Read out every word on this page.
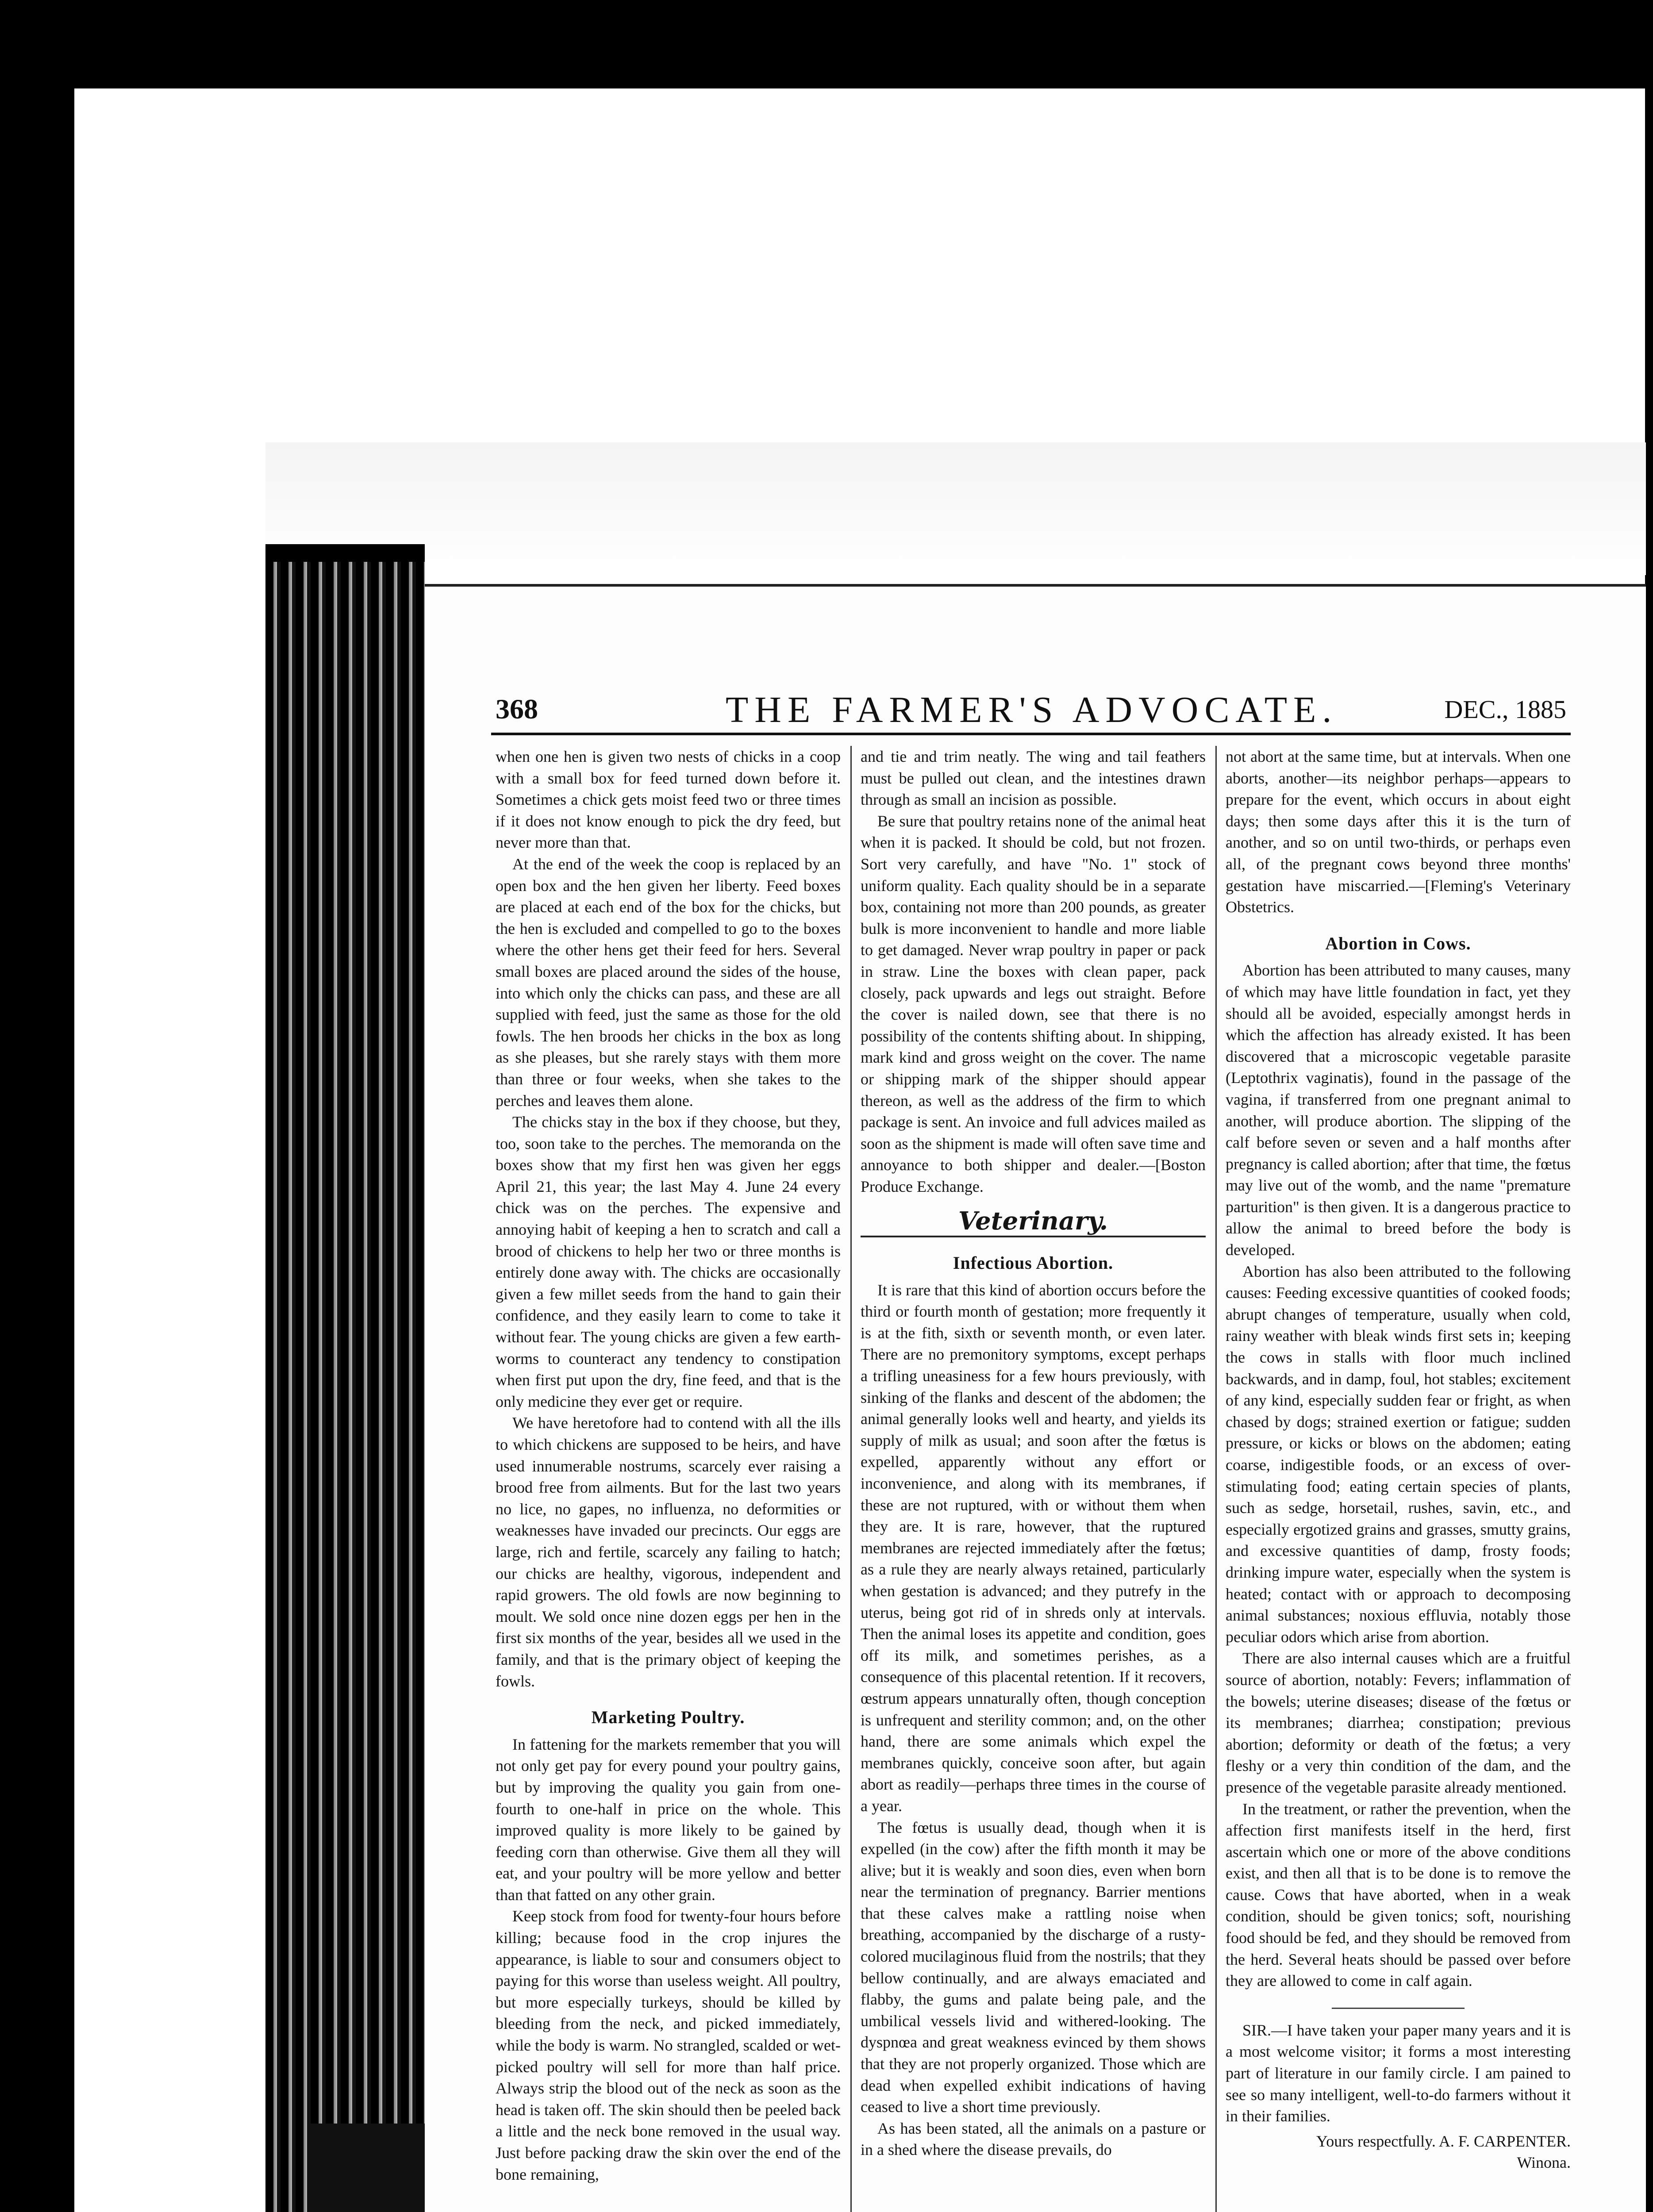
368	THE FARMER'S ADVOCATE.	DEC., 1885

when one hen is given two nests of chicks in a coop with a small box for feed turned down before it. Sometimes a chick gets moist feed two or three times if it does not know enough to pick the dry feed, but never more than that.

At the end of the week the coop is replaced by an open box and the hen given her liberty. Feed boxes are placed at each end of the box for the chicks, but the hen is excluded and compelled to go to the boxes where the other hens get their feed for hers. Several small boxes are placed around the sides of the house, into which only the chicks can pass, and these are all supplied with feed, just the same as those for the old fowls. The hen broods her chicks in the box as long as she pleases, but she rarely stays with them more than three or four weeks, when she takes to the perches and leaves them alone.

The chicks stay in the box if they choose, but they, too, soon take to the perches. The memoranda on the boxes show that my first hen was given her eggs April 21, this year; the last May 4. June 24 every chick was on the perches. The expensive and annoying habit of keeping a hen to scratch and call a brood of chickens to help her two or three months is entirely done away with. The chicks are occasionally given a few millet seeds from the hand to gain their confidence, and they easily learn to come to take it without fear. The young chicks are given a few earth-worms to counteract any tendency to constipation when first put upon the dry, fine feed, and that is the only medicine they ever get or require.

We have heretofore had to contend with all the ills to which chickens are supposed to be heirs, and have used innumerable nostrums, scarcely ever raising a brood free from ailments. But for the last two years no lice, no gapes, no influenza, no deformities or weaknesses have invaded our precincts. Our eggs are large, rich and fertile, scarcely any failing to hatch; our chicks are healthy, vigorous, independent and rapid growers. The old fowls are now beginning to moult. We sold once nine dozen eggs per hen in the first six months of the year, besides all we used in the family, and that is the primary object of keeping the fowls.

Marketing Poultry.

In fattening for the markets remember that you will not only get pay for every pound your poultry gains, but by improving the quality you gain from one-fourth to one-half in price on the whole. This improved quality is more likely to be gained by feeding corn than otherwise. Give them all they will eat, and your poultry will be more yellow and better than that fatted on any other grain.

Keep stock from food for twenty-four hours before killing; because food in the crop injures the appearance, is liable to sour and consumers object to paying for this worse than useless weight. All poultry, but more especially turkeys, should be killed by bleeding from the neck, and picked immediately, while the body is warm. No strangled, scalded or wet-picked poultry will sell for more than half price. Always strip the blood out of the neck as soon as the head is taken off. The skin should then be peeled back a little and the neck bone removed in the usual way. Just before packing draw the skin over the end of the bone remaining,

and tie and trim neatly. The wing and tail feathers must be pulled out clean, and the intestines drawn through as small an incision as possible.

Be sure that poultry retains none of the animal heat when it is packed. It should be cold, but not frozen. Sort very carefully, and have "No. 1" stock of uniform quality. Each quality should be in a separate box, containing not more than 200 pounds, as greater bulk is more inconvenient to handle and more liable to get damaged. Never wrap poultry in paper or pack in straw. Line the boxes with clean paper, pack closely, pack upwards and legs out straight. Before the cover is nailed down, see that there is no possibility of the contents shifting about. In shipping, mark kind and gross weight on the cover. The name or shipping mark of the shipper should appear thereon, as well as the address of the firm to which package is sent. An invoice and full advices mailed as soon as the shipment is made will often save time and annoyance to both shipper and dealer.—[Boston Produce Exchange.

Veterinary.
Infectious Abortion.

It is rare that this kind of abortion occurs before the third or fourth month of gestation; more frequently it is at the fith, sixth or seventh month, or even later. There are no premonitory symptoms, except perhaps a trifling uneasiness for a few hours previously, with sinking of the flanks and descent of the abdomen; the animal generally looks well and hearty, and yields its supply of milk as usual; and soon after the fœtus is expelled, apparently without any effort or inconvenience, and along with its membranes, if these are not ruptured, with or without them when they are. It is rare, however, that the ruptured membranes are rejected immediately after the fœtus; as a rule they are nearly always retained, particularly when gestation is advanced; and they putrefy in the uterus, being got rid of in shreds only at intervals. Then the animal loses its appetite and condition, goes off its milk, and sometimes perishes, as a consequence of this placental retention. If it recovers, œstrum appears unnaturally often, though conception is unfrequent and sterility common; and, on the other hand, there are some animals which expel the membranes quickly, conceive soon after, but again abort as readily—perhaps three times in the course of a year.

The fœtus is usually dead, though when it is expelled (in the cow) after the fifth month it may be alive; but it is weakly and soon dies, even when born near the termination of pregnancy. Barrier mentions that these calves make a rattling noise when breathing, accompanied by the discharge of a rusty-colored mucilaginous fluid from the nostrils; that they bellow continually, and are always emaciated and flabby, the gums and palate being pale, and the umbilical vessels livid and withered-looking. The dyspnœa and great weakness evinced by them shows that they are not properly organized. Those which are dead when expelled exhibit indications of having ceased to live a short time previously.

As has been stated, all the animals on a pasture or in a shed where the disease prevails, do

not abort at the same time, but at intervals. When one aborts, another—its neighbor perhaps—appears to prepare for the event, which occurs in about eight days; then some days after this it is the turn of another, and so on until two-thirds, or perhaps even all, of the pregnant cows beyond three months' gestation have miscarried.—[Fleming's Veterinary Obstetrics.

Abortion in Cows.

Abortion has been attributed to many causes, many of which may have little foundation in fact, yet they should all be avoided, especially amongst herds in which the affection has already existed. It has been discovered that a microscopic vegetable parasite (Leptothrix vaginatis), found in the passage of the vagina, if transferred from one pregnant animal to another, will produce abortion. The slipping of the calf before seven or seven and a half months after pregnancy is called abortion; after that time, the fœtus may live out of the womb, and the name "premature parturition" is then given. It is a dangerous practice to allow the animal to breed before the body is developed.

Abortion has also been attributed to the following causes: Feeding excessive quantities of cooked foods; abrupt changes of temperature, usually when cold, rainy weather with bleak winds first sets in; keeping the cows in stalls with floor much inclined backwards, and in damp, foul, hot stables; excitement of any kind, especially sudden fear or fright, as when chased by dogs; strained exertion or fatigue; sudden pressure, or kicks or blows on the abdomen; eating coarse, indigestible foods, or an excess of over-stimulating food; eating certain species of plants, such as sedge, horsetail, rushes, savin, etc., and especially ergotized grains and grasses, smutty grains, and excessive quantities of damp, frosty foods; drinking impure water, especially when the system is heated; contact with or approach to decomposing animal substances; noxious effluvia, notably those peculiar odors which arise from abortion.

There are also internal causes which are a fruitful source of abortion, notably: Fevers; inflammation of the bowels; uterine diseases; disease of the fœtus or its membranes; diarrhea; constipation; previous abortion; deformity or death of the fœtus; a very fleshy or a very thin condition of the dam, and the presence of the vegetable parasite already mentioned.

In the treatment, or rather the prevention, when the affection first manifests itself in the herd, first ascertain which one or more of the above conditions exist, and then all that is to be done is to remove the cause. Cows that have aborted, when in a weak condition, should be given tonics; soft, nourishing food should be fed, and they should be removed from the herd. Several heats should be passed over before they are allowed to come in calf again.

SIR.—I have taken your paper many years and it is a most welcome visitor; it forms a most interesting part of literature in our family circle. I am pained to see so many intelligent, well-to-do farmers without it in their families.

Yours respectfully. A. F. CARPENTER.
Winona.
